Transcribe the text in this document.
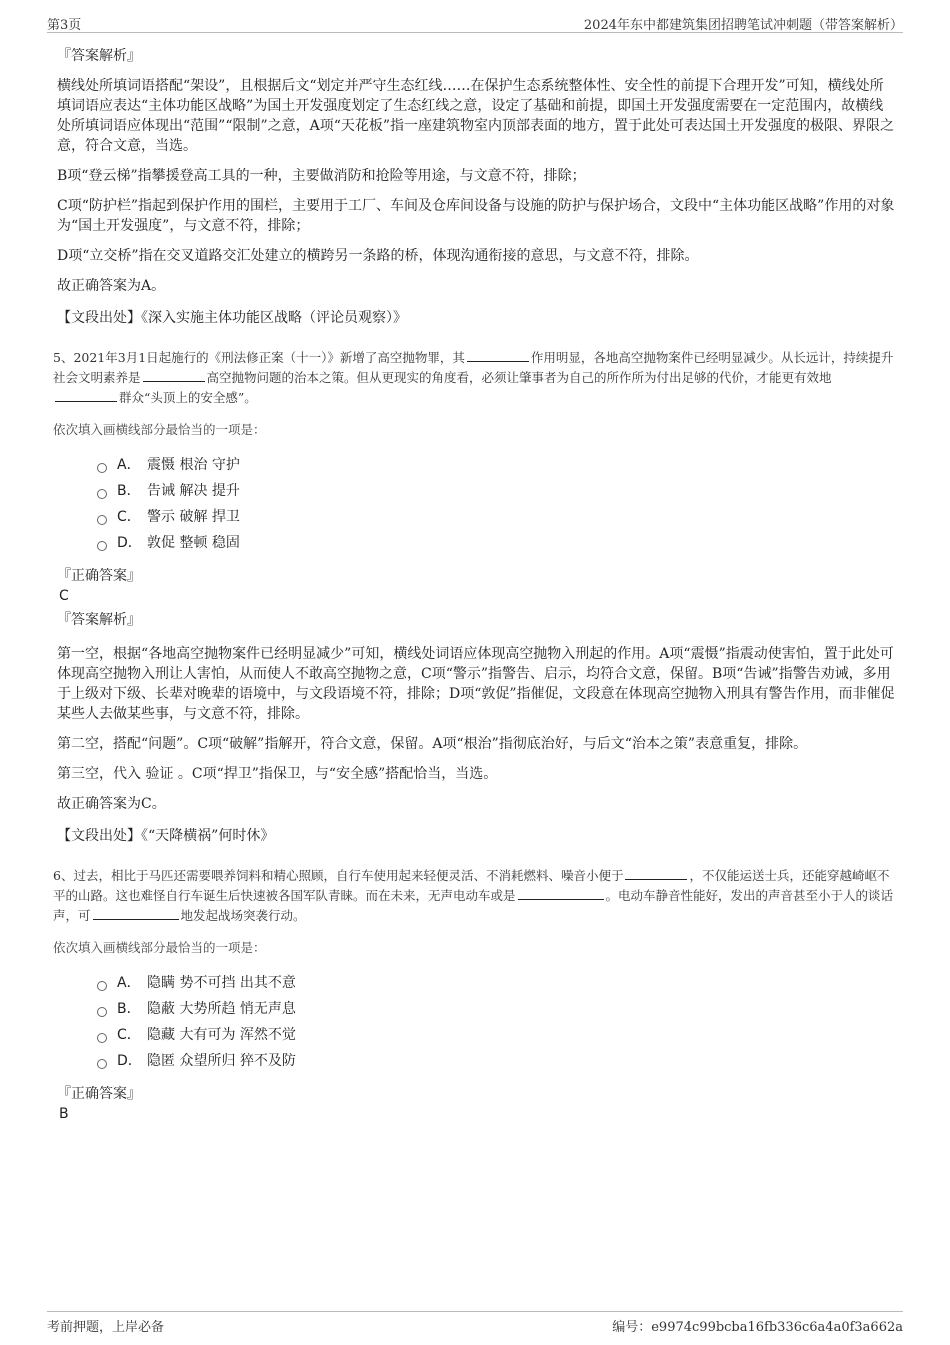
第3页	2024年东中都建筑集团招聘笔试冲刺题（带答案解析）
『答案解析』

横线处所填词语搭配“架设”，且根据后文“划定并严守生态红线……在保护生态系统整体性、安全性的前提下合理开发”可知，横线处所填词语应表达“主体功能区战略”为国土开发强度划定了生态红线之意，设定了基础和前提，即国土开发强度需要在一定范围内，故横线处所填词语应体现出“范围”“限制”之意，A项“天花板”指一座建筑物室内顶部表面的地方，置于此处可表达国土开发强度的极限、界限之意，符合文意，当选。

B项“登云梯”指攀援登高工具的一种，主要做消防和抢险等用途，与文意不符，排除；

C项“防护栏”指起到保护作用的围栏，主要用于工厂、车间及仓库间设备与设施的防护与保护场合，文段中“主体功能区战略”作用的对象为“国土开发强度”，与文意不符，排除；

D项“立交桥”指在交叉道路交汇处建立的横跨另一条路的桥，体现沟通衔接的意思，与文意不符，排除。

故正确答案为A。

【文段出处】《深入实施主体功能区战略（评论员观察）》

5、2021年3月1日起施行的《刑法修正案（十一）》新增了高空抛物罪，其	作用明显，各地高空抛物案件已经明显减少。从长远计，持续提升社会文明素养是	高空抛物问题的治本之策。但从更现实的角度看，必须让肇事者为自己的所作所为付出足够的代价，才能更有效地群众“头顶上的安全感”。

依次填入画横线部分最恰当的一项是：

A． 震慑 根治 守护
B． 告诫 解决 提升
C． 警示 破解 捍卫
D． 敦促 整顿 稳固
『正确答案』
C
『答案解析』

第一空，根据“各地高空抛物案件已经明显减少”可知，横线处词语应体现高空抛物入刑起的作用。A项“震慑”指震动使害怕，置于此处可体现高空抛物入刑让人害怕，从而使人不敢高空抛物之意，C项“警示”指警告、启示，均符合文意，保留。B项“告诫”指警告劝诫，多用于上级对下级、长辈对晚辈的语境中，与文段语境不符，排除；D项“敦促”指催促，文段意在体现高空抛物入刑具有警告作用，而非催促某些人去做某些事，与文意不符，排除。

第二空，搭配“问题”。C项“破解”指解开，符合文意，保留。A项“根治”指彻底治好，与后文“治本之策”表意重复，排除。

第三空，代入 验证 。C项“捍卫”指保卫，与“安全感”搭配恰当，当选。

故正确答案为C。

【文段出处】《“天降横祸”何时休》

6、过去，相比于马匹还需要喂养饲料和精心照顾，自行车使用起来轻便灵活、不消耗燃料、噪音小便于	，不仅能运送士兵，还能穿越崎岖不平的山路。这也难怪自行车诞生后快速被各国军队青睐。而在未来，无声电动车或是	。电动车静音性能好，发出的声音甚至小于人的谈话声，可	地发起战场突袭行动。

依次填入画横线部分最恰当的一项是：

A． 隐瞒 势不可挡 出其不意
B． 隐蔽 大势所趋 悄无声息
C． 隐藏 大有可为 浑然不觉
D． 隐匿 众望所归 猝不及防
『正确答案』
B
考前押题，上岸必备	编号：e9974c99bcba16fb336c6a4a0f3a662a
